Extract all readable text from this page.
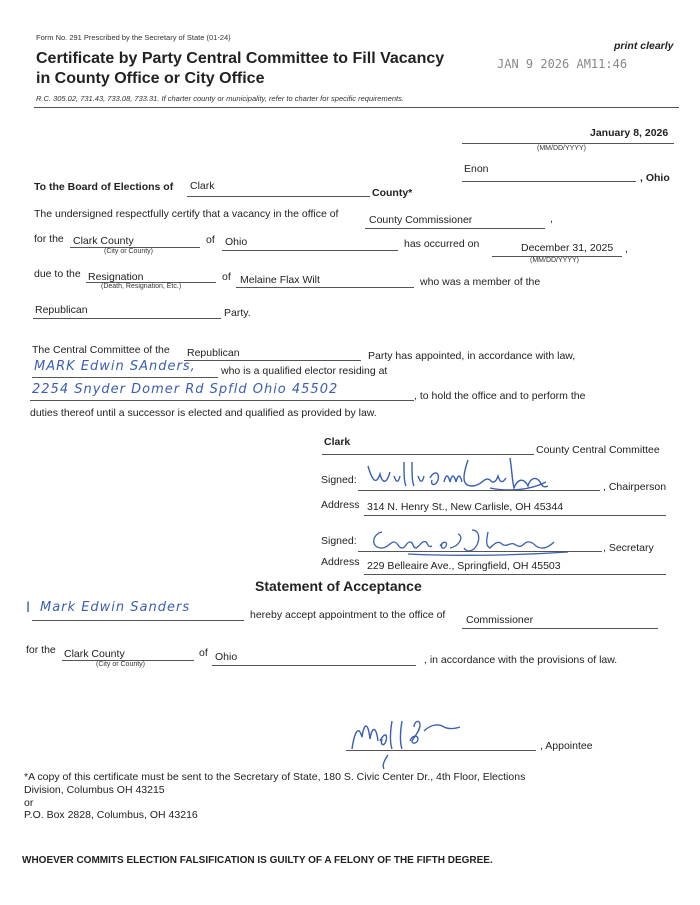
Form No. 291 Prescribed by the Secretary of State (01-24)
print clearly
Certificate by Party Central Committee to Fill Vacancy	JAN 9 2026 AM11:46
in County Office or City Office
R.C. 305.02, 731.43, 733.08, 733.31. If charter county or municipality, refer to charter for specific requirements.
January 8, 2026
(MM/DD/YYYY)
Enon
, Ohio
To the Board of Elections of Clark
County*
The undersigned respectfully certify that a vacancy in the office of	County Commissioner	,
for the Clark County
(City or County)
of Ohio	has occurred on	December 31, 2025
(MM/DD/YYYY)
,
due to the Resignation
(Death, Resignation, Etc.)
of Melaine Flax Wilt	who was a member of the
Republican	Party.
The Central Committee of the Republican	Party has appointed, in accordance with law,
MARK Edwin SAnders, who is a qualified elector residing at
2254 Snyder Domer Rd Spfld Ohio 45502	, to hold the office and to perform the
duties thereof until a successor is elected and qualified as provided by law.
Clark
County Central Committee
Signed:
, Chairperson
Address 314 N. Henry St., New Carlisle, OH 45344
Signed:
, Secretary
Address 229 Belleaire Ave., Springfield, OH 45503
Statement of Acceptance
I Mark Edwin Sanders	hereby accept appointment to the office of Commissioner
for the Clark County
(City or County)
of Ohio	, in accordance with the provisions of law.
, Appointee
*A copy of this certificate must be sent to the Secretary of State, 180 S. Civic Center Dr., 4th Floor, Elections
Division, Columbus OH 43215
or
P.O. Box 2828, Columbus, OH 43216
WHOEVER COMMITS ELECTION FALSIFICATION IS GUILTY OF A FELONY OF THE FIFTH DEGREE.
